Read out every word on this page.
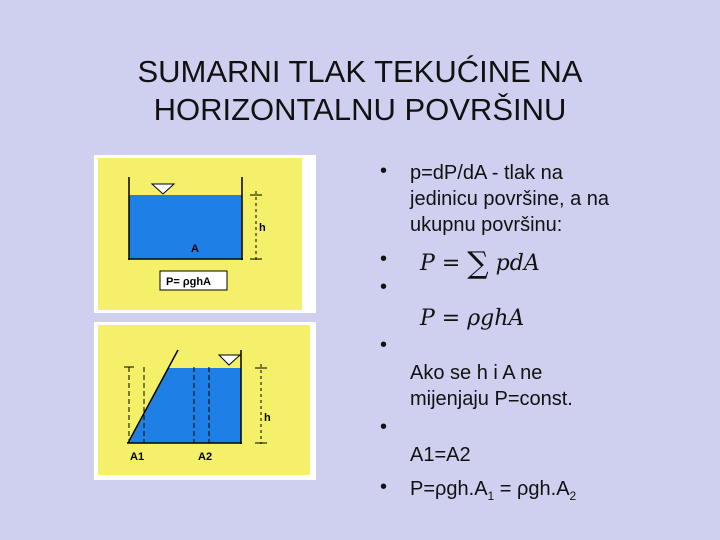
SUMARNI TLAK TEKUĆINE NA
HORIZONTALNU POVRŠINU
h
A
P= ρghA
h
A1	A2
• p=dP/dA - tlak na
jedinicu površine, a na
ukupnu površinu:
• P = ∑ pdA
•
P = ρghA
•
Ako se h i A ne
mijenjaju P=const.
•
A1=A2
• $P=\rho gh.A_1 = \rho gh.A_2$
